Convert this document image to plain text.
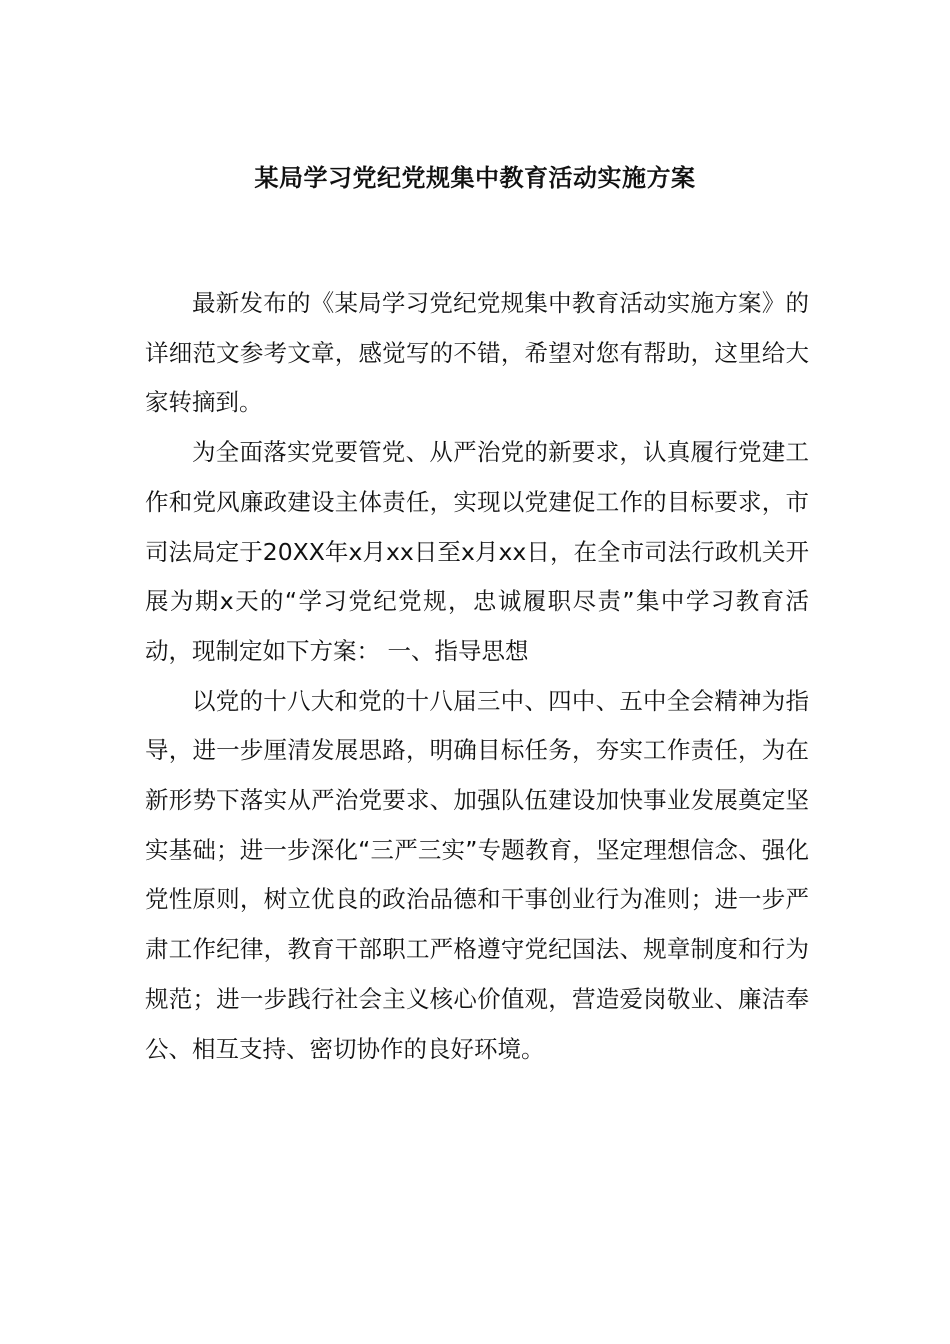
某局学习党纪党规集中教育活动实施方案

最新发布的《某局学习党纪党规集中教育活动实施方案》的详细范文参考文章，感觉写的不错，希望对您有帮助，这里给大家转摘到。

为全面落实党要管党、从严治党的新要求，认真履行党建工作和党风廉政建设主体责任，实现以党建促工作的目标要求，市司法局定于20XX年x月xx日至x月xx日，在全市司法行政机关开展为期x天的“学习党纪党规，忠诚履职尽责”集中学习教育活动，现制定如下方案： 一、指导思想

以党的十八大和党的十八届三中、四中、五中全会精神为指导，进一步厘清发展思路，明确目标任务，夯实工作责任，为在新形势下落实从严治党要求、加强队伍建设加快事业发展奠定坚实基础；进一步深化“三严三实”专题教育，坚定理想信念、强化党性原则，树立优良的政治品德和干事创业行为准则；进一步严肃工作纪律，教育干部职工严格遵守党纪国法、规章制度和行为规范；进一步践行社会主义核心价值观，营造爱岗敬业、廉洁奉公、相互支持、密切协作的良好环境。
